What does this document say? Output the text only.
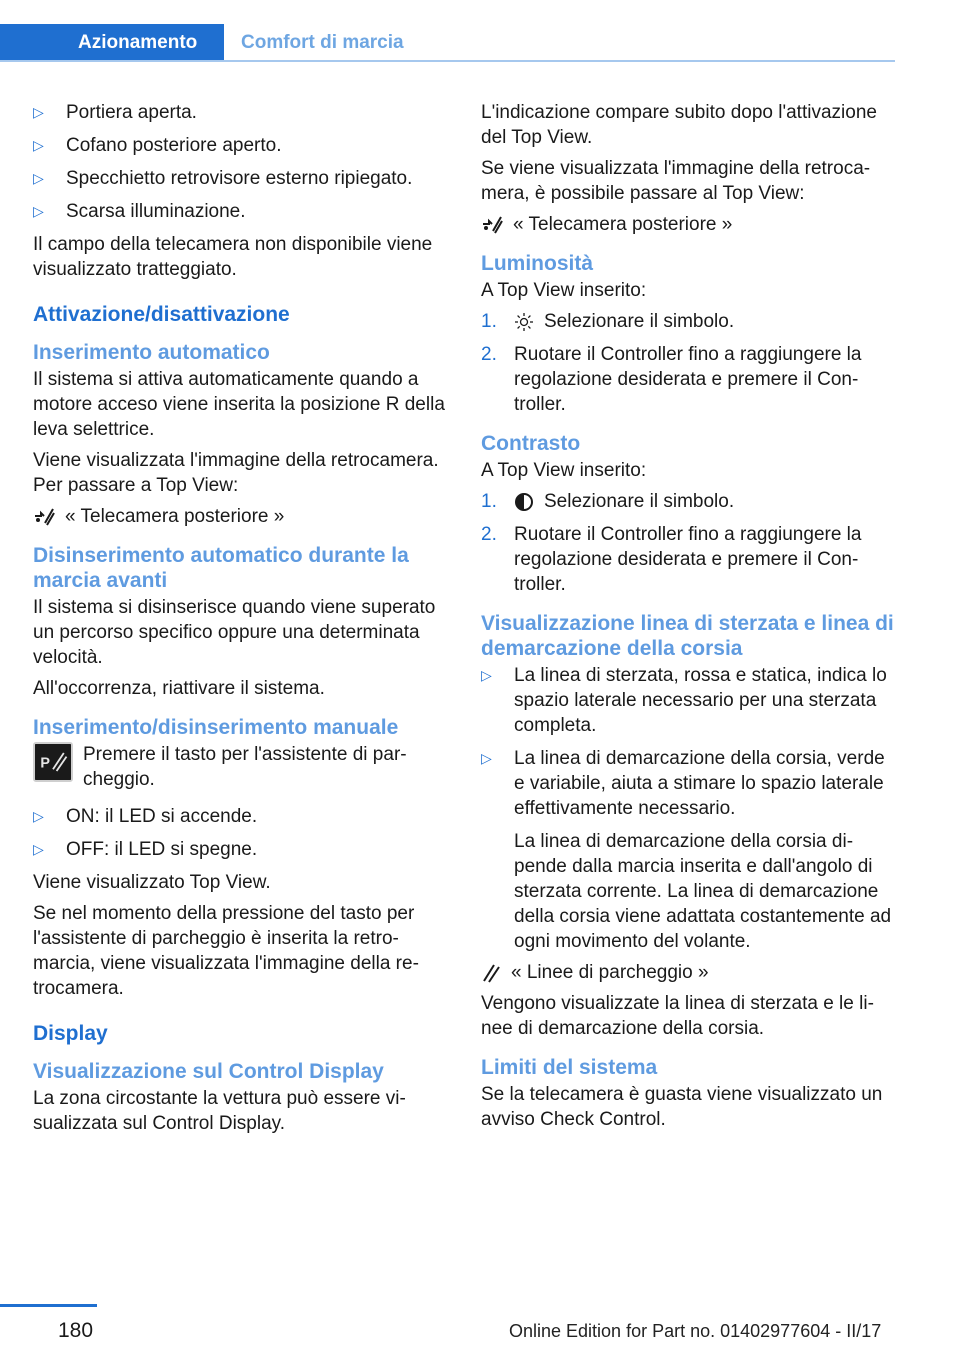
Azionamento	Comfort di marcia
▷ Portiera aperta.
▷ Cofano posteriore aperto.
▷ Specchietto retrovisore esterno ripiegato.
▷ Scarsa illuminazione.

Il campo della telecamera non disponibile viene visualizzato tratteggiato.

Attivazione/disattivazione
Inserimento automatico

Il sistema si attiva automaticamente quando a motore acceso viene inserita la posizione R della leva selettrice.

Viene visualizzata l'immagine della retrocamera. Per passare a Top View:

« Telecamera posteriore »
Disinserimento automatico durante la marcia avanti

Il sistema si disinserisce quando viene superato un percorso specifico oppure una determinata velocità.

All'occorrenza, riattivare il sistema.

Inserimento/disinserimento manuale
P Premere il tasto per l'assistente di parcheggio.
▷ ON: il LED si accende.
▷ OFF: il LED si spegne.

Viene visualizzato Top View.

Se nel momento della pressione del tasto per l'assistente di parcheggio è inserita la retromarcia, viene visualizzata l'immagine della retrocamera.

Display
Visualizzazione sul Control Display

La zona circostante la vettura può essere visualizzata sul Control Display.

L'indicazione compare subito dopo l'attivazione del Top View.

Se viene visualizzata l'immagine della retrocamera, è possibile passare al Top View:

« Telecamera posteriore »
Luminosità

A Top View inserito:

1. Selezionare il simbolo.
2. Ruotare il Controller fino a raggiungere la regolazione desiderata e premere il Controller.
Contrasto

A Top View inserito:

1. Selezionare il simbolo.
2. Ruotare il Controller fino a raggiungere la regolazione desiderata e premere il Controller.
Visualizzazione linea di sterzata e linea di demarcazione della corsia
▷ La linea di sterzata, rossa e statica, indica lo spazio laterale necessario per una sterzata completa.
▷ La linea di demarcazione della corsia, verde e variabile, aiuta a stimare lo spazio laterale effettivamente necessario.

La linea di demarcazione della corsia dipende dalla marcia inserita e dall'angolo di sterzata corrente. La linea di demarcazione della corsia viene adattata costantemente ad ogni movimento del volante.

« Linee di parcheggio »

Vengono visualizzate la linea di sterzata e le linee di demarcazione della corsia.

Limiti del sistema

Se la telecamera è guasta viene visualizzato un avviso Check Control.

180	Online Edition for Part no. 01402977604 - II/17
